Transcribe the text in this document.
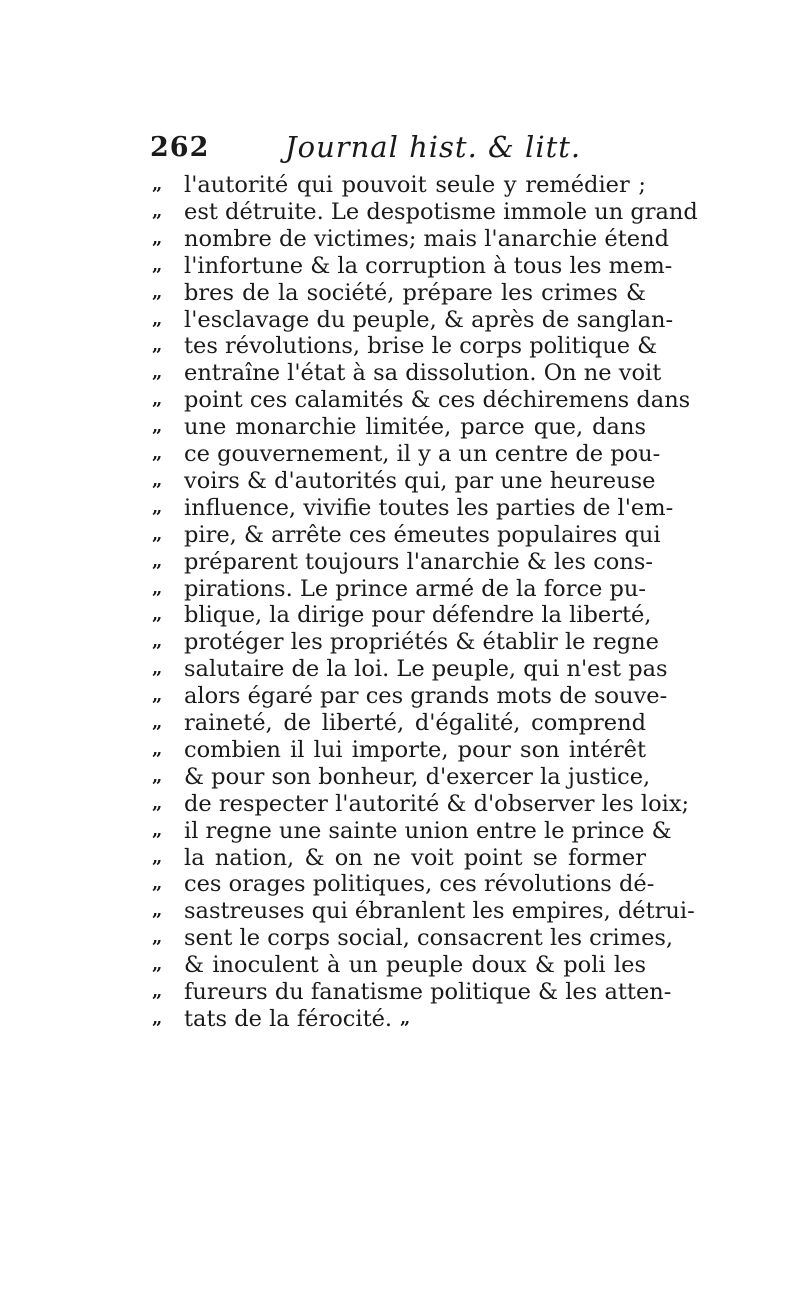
262	Journal hist. & litt.
„ l'autorité qui pouvoit seule y remédier ;
„ est détruite. Le despotisme immole un grand
„ nombre de victimes; mais l'anarchie étend
„ l'infortune & la corruption à tous les mem-
„ bres de la société, prépare les crimes &
„ l'esclavage du peuple, & après de sanglan-
„ tes révolutions, brise le corps politique &
„ entraîne l'état à sa dissolution. On ne voit
„ point ces calamités & ces déchiremens dans
„ une monarchie limitée, parce que, dans
„ ce gouvernement, il y a un centre de pou-
„ voirs & d'autorités qui, par une heureuse
„ influence, vivifie toutes les parties de l'em-
„ pire, & arrête ces émeutes populaires qui
„ préparent toujours l'anarchie & les cons-
„ pirations. Le prince armé de la force pu-
„ blique, la dirige pour défendre la liberté,
„ protéger les propriétés & établir le regne
„ salutaire de la loi. Le peuple, qui n'est pas
„ alors égaré par ces grands mots de souve-
„ raineté, de liberté, d'égalité, comprend
„ combien il lui importe, pour son intérêt
„ & pour son bonheur, d'exercer la justice,
„ de respecter l'autorité & d'observer les loix;
„ il regne une sainte union entre le prince &
„ la nation, & on ne voit point se former
„ ces orages politiques, ces révolutions dé-
„ sastreuses qui ébranlent les empires, détrui-
„ sent le corps social, consacrent les crimes,
„ & inoculent à un peuple doux & poli les
„ fureurs du fanatisme politique & les atten-
„ tats de la férocité. „
